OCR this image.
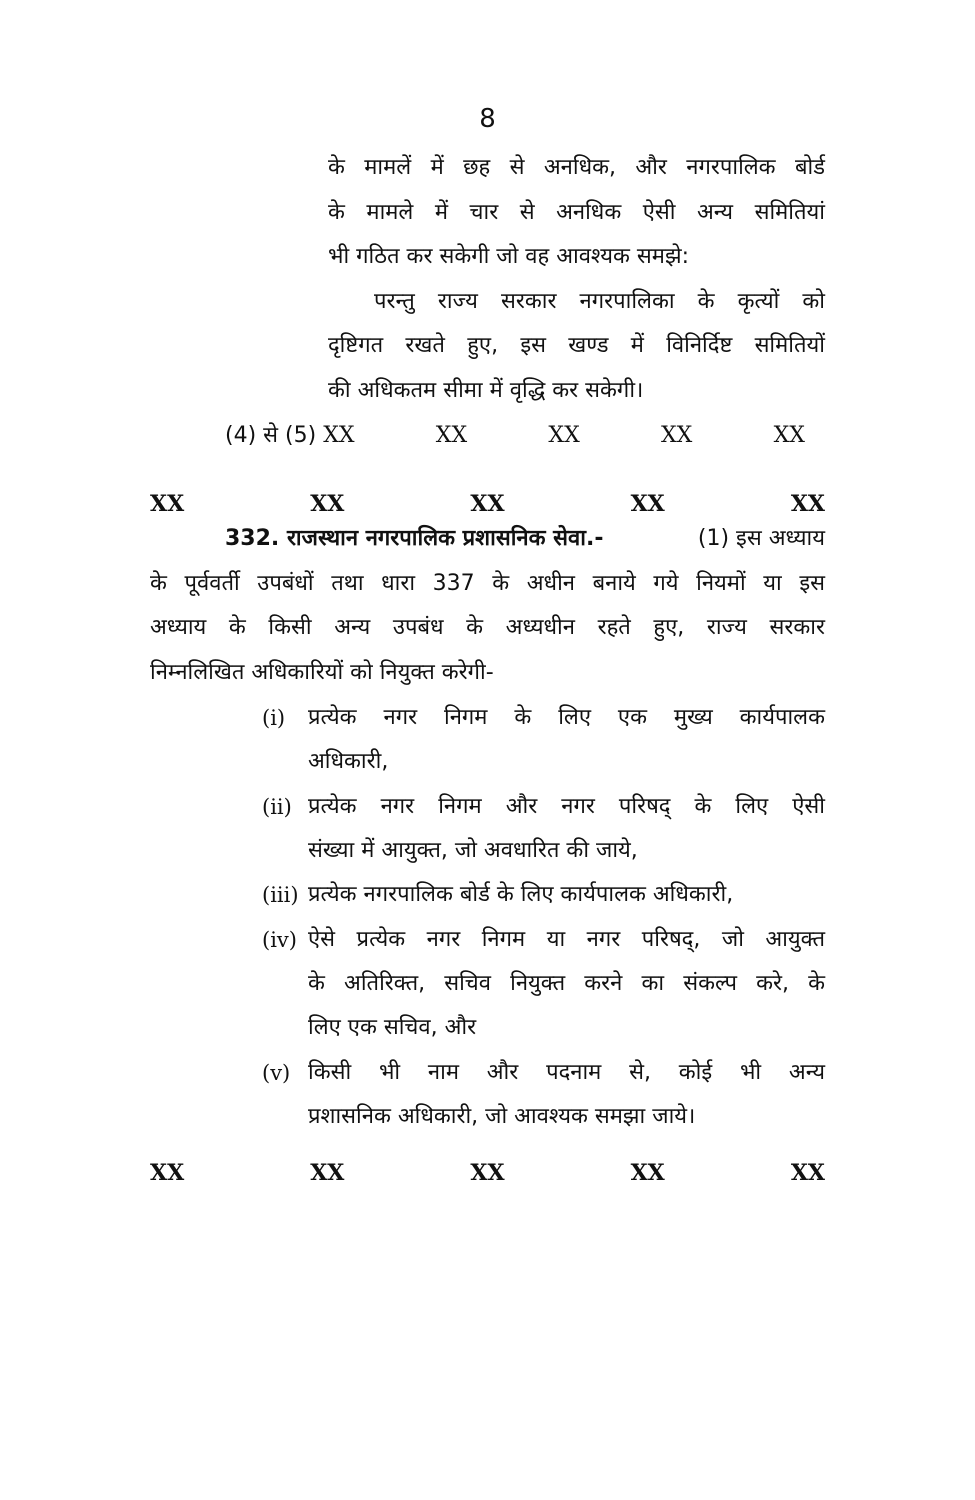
8
के मामलें में छह से अनधिक, और नगरपालिक बोर्ड
के मामले में चार से अनधिक ऐसी अन्य समितियां
भी गठित कर सकेगी जो वह आवश्यक समझे:
परन्तु राज्य सरकार नगरपालिका के कृत्यों को
दृष्टिगत रखते हुए, इस खण्ड में विनिर्दिष्ट समितियों
की अधिकतम सीमा में वृद्धि कर सकेगी।
(4) से (5) XX	XX	XX	XX	XX
XX	XX	XX	XX	XX
332. राजस्थान नगरपालिक प्रशासनिक सेवा.-	(1) इस अध्याय
के पूर्ववर्ती उपबंधों तथा धारा 337 के अधीन बनाये गये नियमों या इस
अध्याय के किसी अन्य उपबंध के अध्यधीन रहते हुए, राज्य सरकार
निम्नलिखित अधिकारियों को नियुक्त करेगी-
(i) प्रत्येक नगर निगम के लिए एक मुख्य कार्यपालक
अधिकारी,
(ii) प्रत्येक नगर निगम और नगर परिषद् के लिए ऐसी
संख्या में आयुक्त, जो अवधारित की जाये,
(iii) प्रत्येक नगरपालिक बोर्ड के लिए कार्यपालक अधिकारी,
(iv) ऐसे प्रत्येक नगर निगम या नगर परिषद्, जो आयुक्त
के अतिरिक्त, सचिव नियुक्त करने का संकल्प करे, के
लिए एक सचिव, और
(v) किसी भी नाम और पदनाम से, कोई भी अन्य
प्रशासनिक अधिकारी, जो आवश्यक समझा जाये।
XX	XX	XX	XX	XX
